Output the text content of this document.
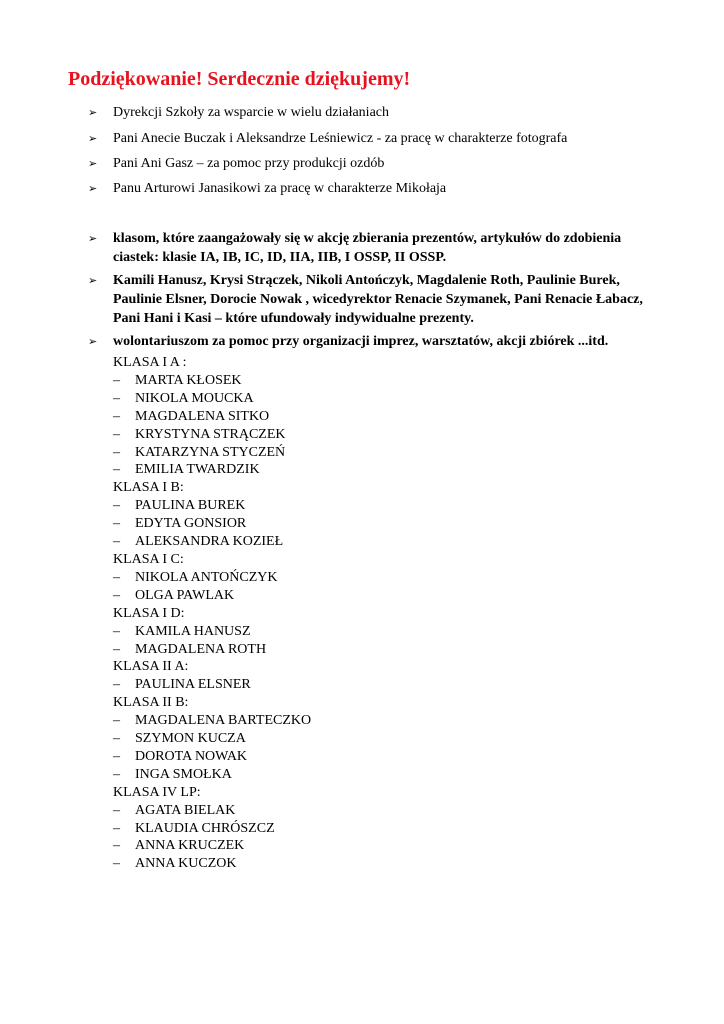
Podziękowanie! Serdecznie dziękujemy!
➢ Dyrekcji Szkoły za wsparcie w wielu działaniach
➢ Pani Anecie Buczak i Aleksandrze Leśniewicz - za pracę w charakterze fotografa
➢ Pani Ani Gasz – za pomoc przy produkcji ozdób
➢ Panu Arturowi Janasikowi za pracę w charakterze Mikołaja
➢ klasom, które zaangażowały się w akcję zbierania prezentów, artykułów do zdobienia ciastek: klasie IA, IB, IC, ID, IIA, IIB, I OSSP, II OSSP.
➢ Kamili Hanusz, Krysi Strączek, Nikoli Antończyk, Magdalenie Roth, Paulinie Burek, Paulinie Elsner, Dorocie Nowak , wicedyrektor Renacie Szymanek, Pani Renacie Łabacz, Pani Hani i Kasi – które ufundowały indywidualne prezenty.
➢ wolontariuszom za pomoc przy organizacji imprez, warsztatów, akcji zbiórek ...itd.
KLASA I A :
– MARTA KŁOSEK
– NIKOLA MOUCKA
– MAGDALENA SITKO
– KRYSTYNA STRĄCZEK
– KATARZYNA STYCZEŃ
– EMILIA TWARDZIK
KLASA I B:
– PAULINA BUREK
– EDYTA GONSIOR
– ALEKSANDRA KOZIEŁ
KLASA I C:
– NIKOLA ANTOŃCZYK
– OLGA PAWLAK
KLASA I D:
– KAMILA HANUSZ
– MAGDALENA ROTH
KLASA II A:
– PAULINA ELSNER
KLASA II B:
– MAGDALENA BARTECZKO
– SZYMON KUCZA
– DOROTA NOWAK
– INGA SMOŁKA
KLASA IV LP:
– AGATA BIELAK
– KLAUDIA CHRÓSZCZ
– ANNA KRUCZEK
– ANNA KUCZOK
